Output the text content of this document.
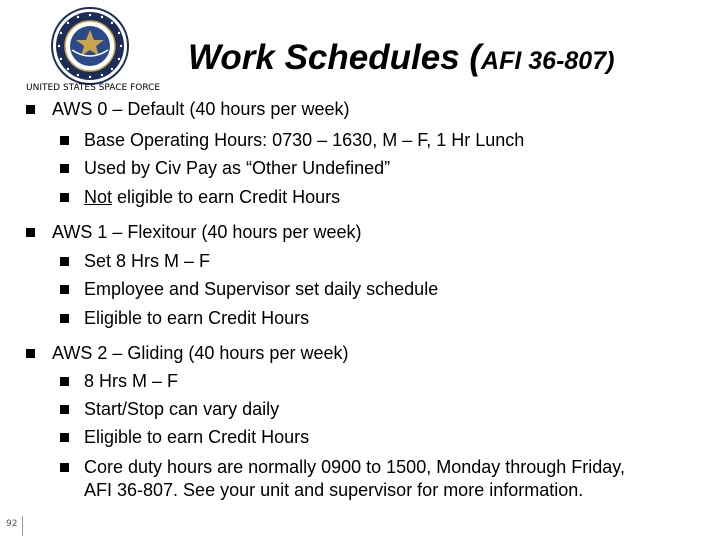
UNITED STATES SPACE FORCE
Work Schedules (AFI 36-807)
AWS 0 – Default (40 hours per week)
Base Operating Hours: 0730 – 1630, M – F, 1 Hr Lunch
Used by Civ Pay as “Other Undefined”
Not eligible to earn Credit Hours
AWS 1 – Flexitour (40 hours per week)
Set 8 Hrs M – F
Employee and Supervisor set daily schedule
Eligible to earn Credit Hours
AWS 2 – Gliding (40 hours per week)
8 Hrs M – F
Start/Stop can vary daily
Eligible to earn Credit Hours
Core duty hours are normally 0900 to 1500, Monday through Friday,
AFI 36-807. See your unit and supervisor for more information.
92
